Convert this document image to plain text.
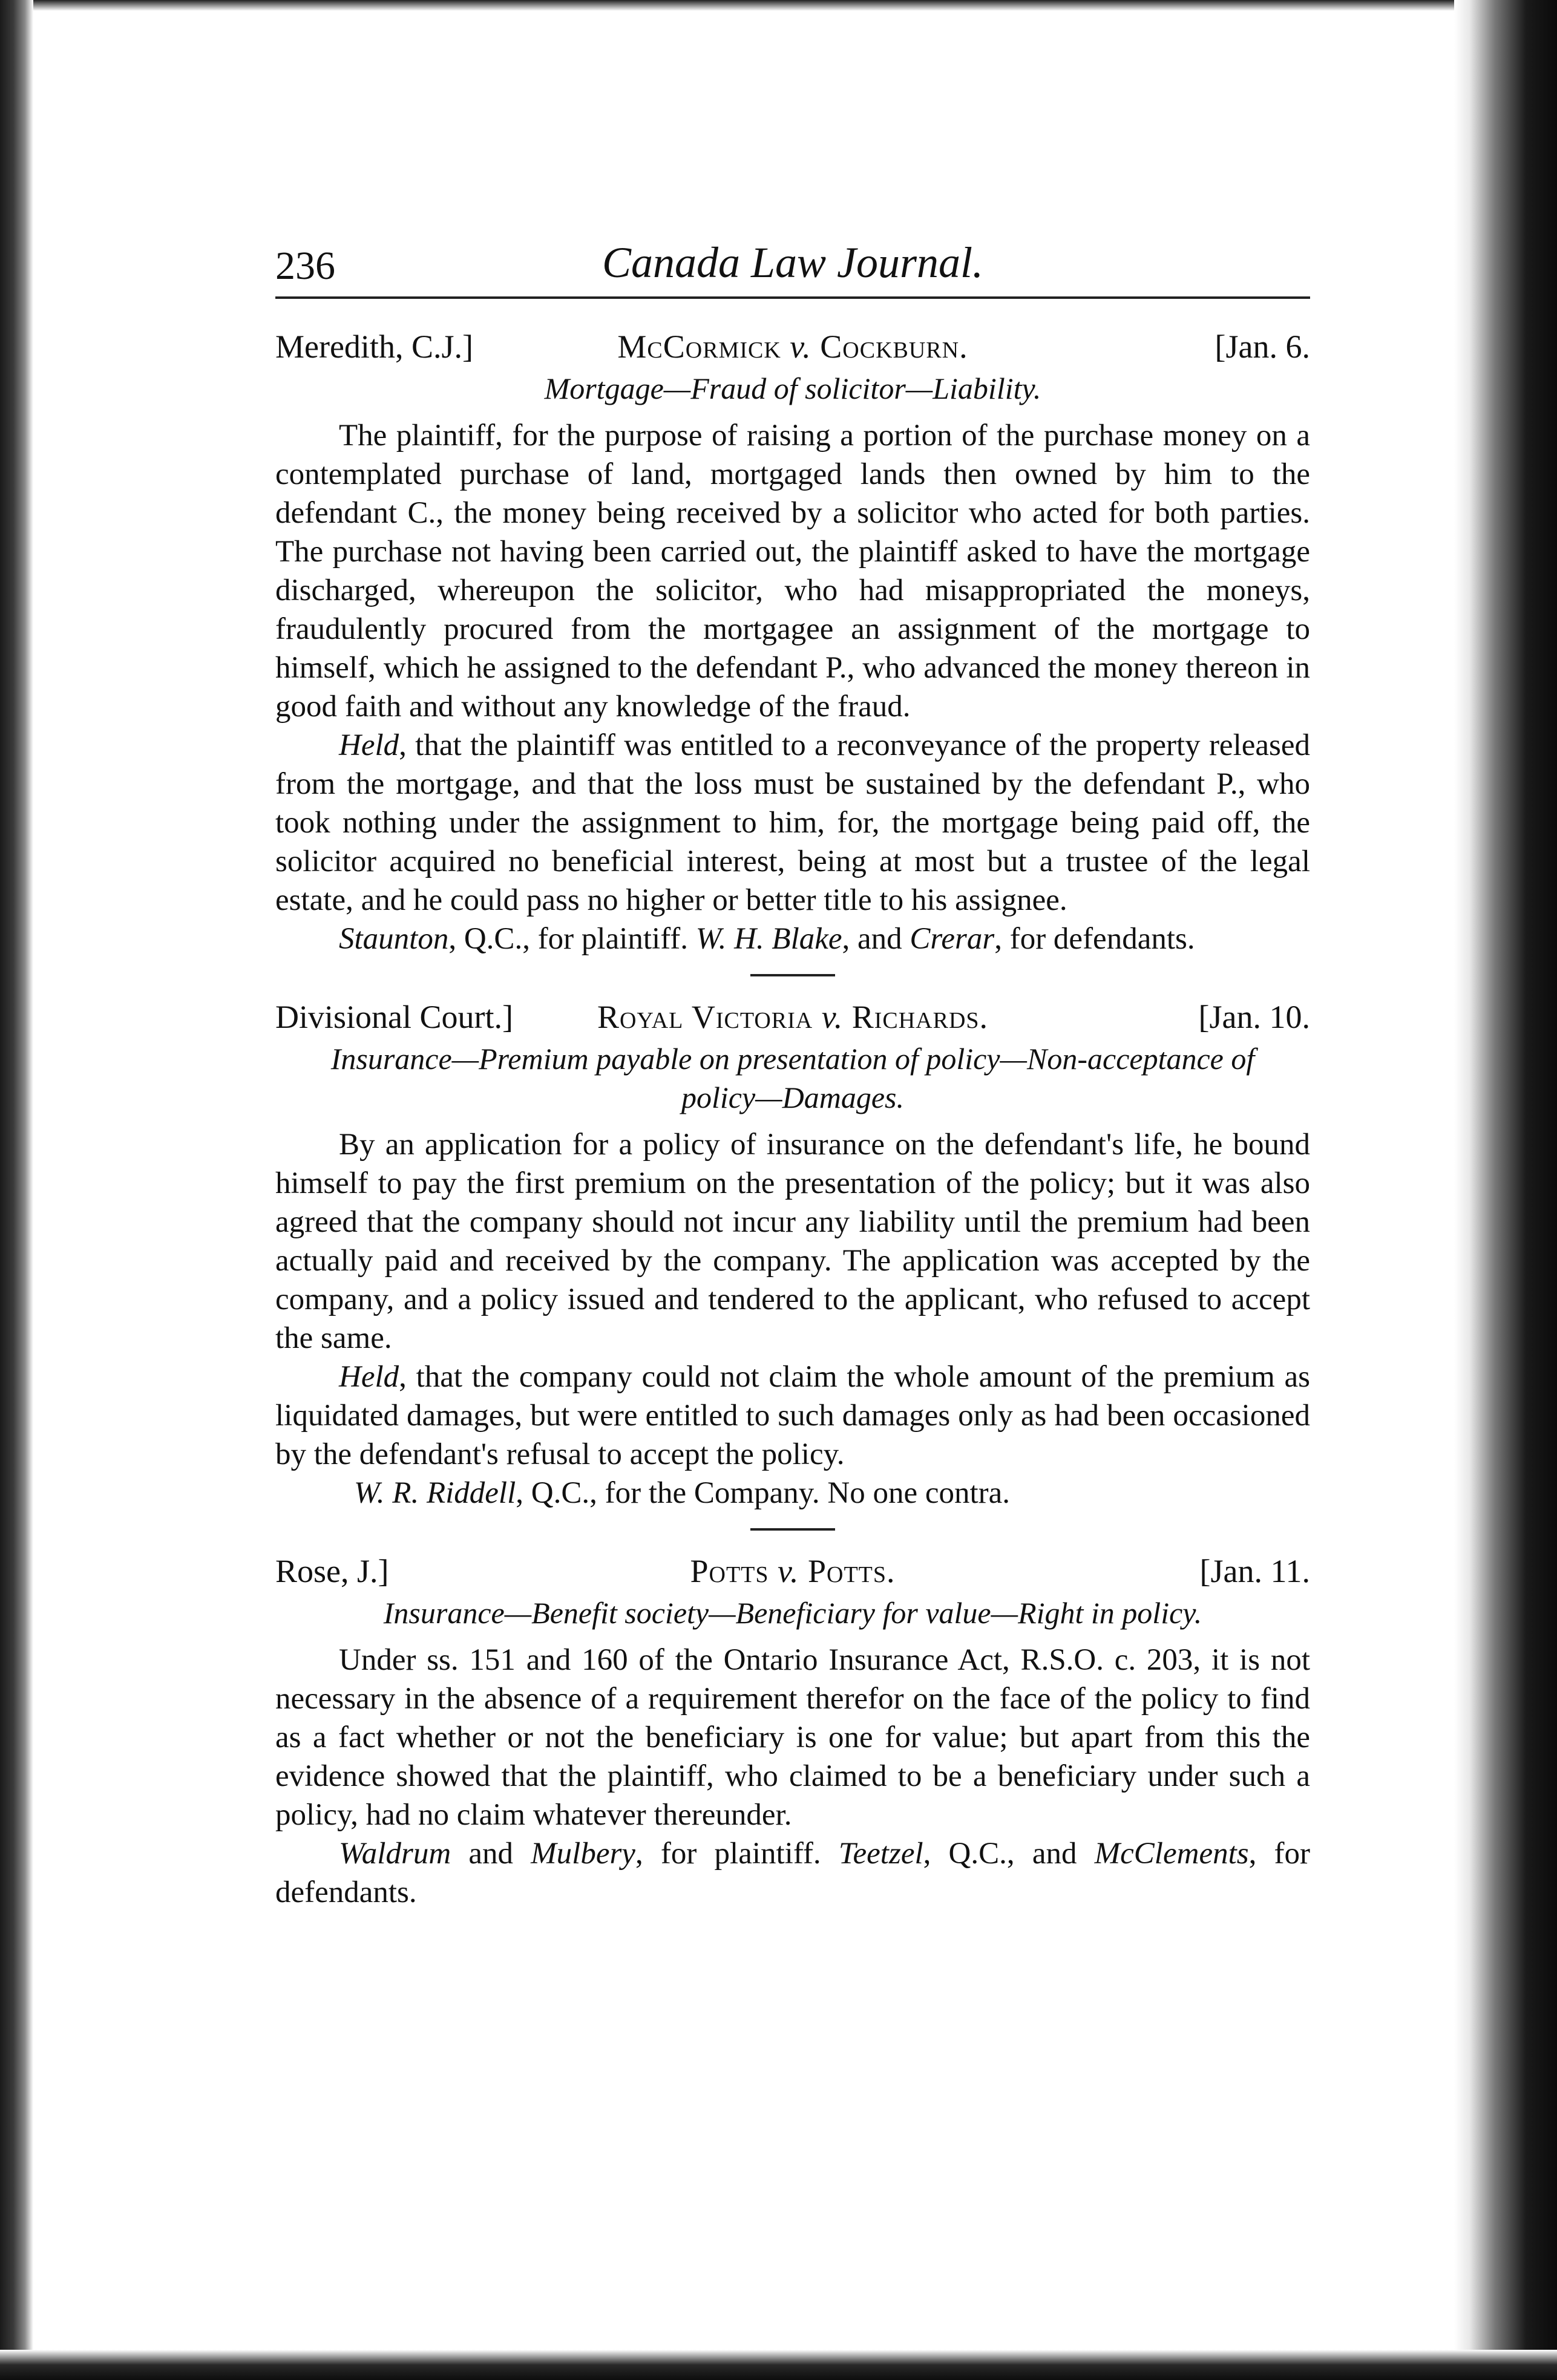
236	Canada Law Journal.
Meredith, C.J.]	McCormick v. Cockburn.	[Jan. 6.
Mortgage—Fraud of solicitor—Liability.

The plaintiff, for the purpose of raising a portion of the purchase money on a contemplated purchase of land, mortgaged lands then owned by him to the defendant C., the money being received by a solicitor who acted for both parties. The purchase not having been carried out, the plaintiff asked to have the mortgage discharged, whereupon the solicitor, who had misappropriated the moneys, fraudulently procured from the mortgagee an assignment of the mortgage to himself, which he assigned to the defendant P., who advanced the money thereon in good faith and without any knowledge of the fraud.

Held, that the plaintiff was entitled to a reconveyance of the property released from the mortgage, and that the loss must be sustained by the defendant P., who took nothing under the assignment to him, for, the mortgage being paid off, the solicitor acquired no beneficial interest, being at most but a trustee of the legal estate, and he could pass no higher or better title to his assignee.

Staunton, Q.C., for plaintiff. W. H. Blake, and Crerar, for defendants.

Divisional Court.]	Royal Victoria v. Richards.	[Jan. 10.
Insurance—Premium payable on presentation of policy—Non-acceptance of policy—Damages.

By an application for a policy of insurance on the defendant's life, he bound himself to pay the first premium on the presentation of the policy; but it was also agreed that the company should not incur any liability until the premium had been actually paid and received by the company. The application was accepted by the company, and a policy issued and tendered to the applicant, who refused to accept the same.

Held, that the company could not claim the whole amount of the premium as liquidated damages, but were entitled to such damages only as had been occasioned by the defendant's refusal to accept the policy.

W. R. Riddell, Q.C., for the Company. No one contra.

Rose, J.]	Potts v. Potts.	[Jan. 11.
Insurance—Benefit society—Beneficiary for value—Right in policy.

Under ss. 151 and 160 of the Ontario Insurance Act, R.S.O. c. 203, it is not necessary in the absence of a requirement therefor on the face of the policy to find as a fact whether or not the beneficiary is one for value; but apart from this the evidence showed that the plaintiff, who claimed to be a beneficiary under such a policy, had no claim whatever thereunder.

Waldrum and Mulbery, for plaintiff. Teetzel, Q.C., and McClements, for defendants.
